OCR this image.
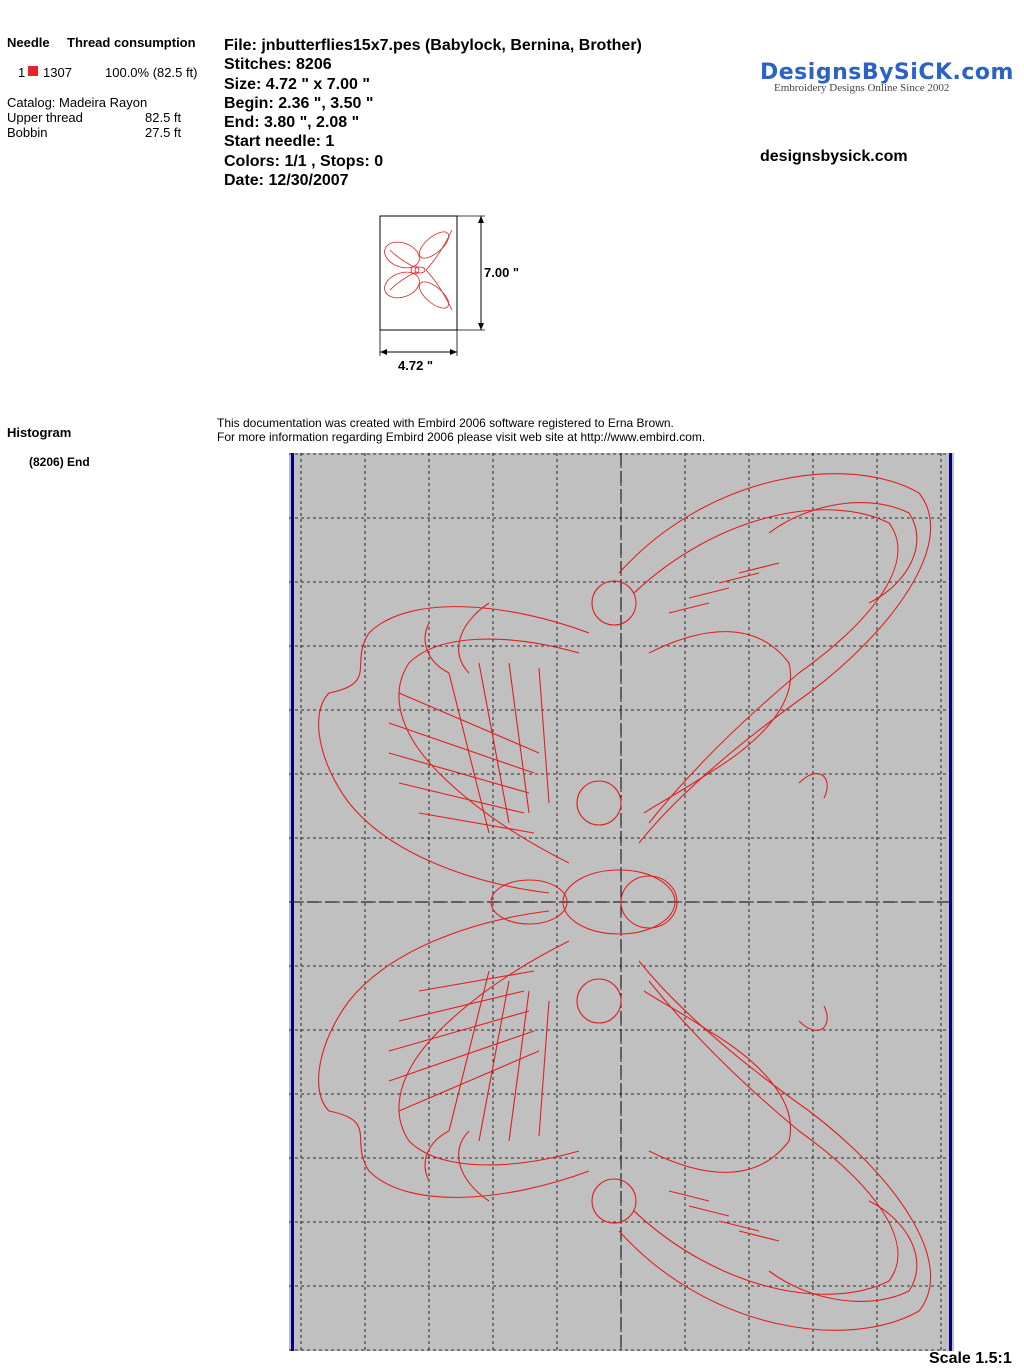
Needle Thread consumption
1 1307	100.0% (82.5 ft)
Catalog: Madeira Rayon
Upper thread	82.5 ft
Bobbin	27.5 ft
File: jnbutterflies15x7.pes (Babylock, Bernina, Brother)
Stitches: 8206
Size: 4.72 " x 7.00 "
Begin: 2.36 ", 3.50 "
End: 3.80 ", 2.08 "
Start needle: 1
Colors: 1/1 , Stops: 0
Date: 12/30/2007
DesignsBySiCK.com
Embroidery Designs Online Since 2002
designsbysick.com
7.00 "
4.72 "
Histogram
(8206) End
This documentation was created with Embird 2006 software registered to Erna Brown.
For more information regarding Embird 2006 please visit web site at http://www.embird.com.
Scale 1.5:1
